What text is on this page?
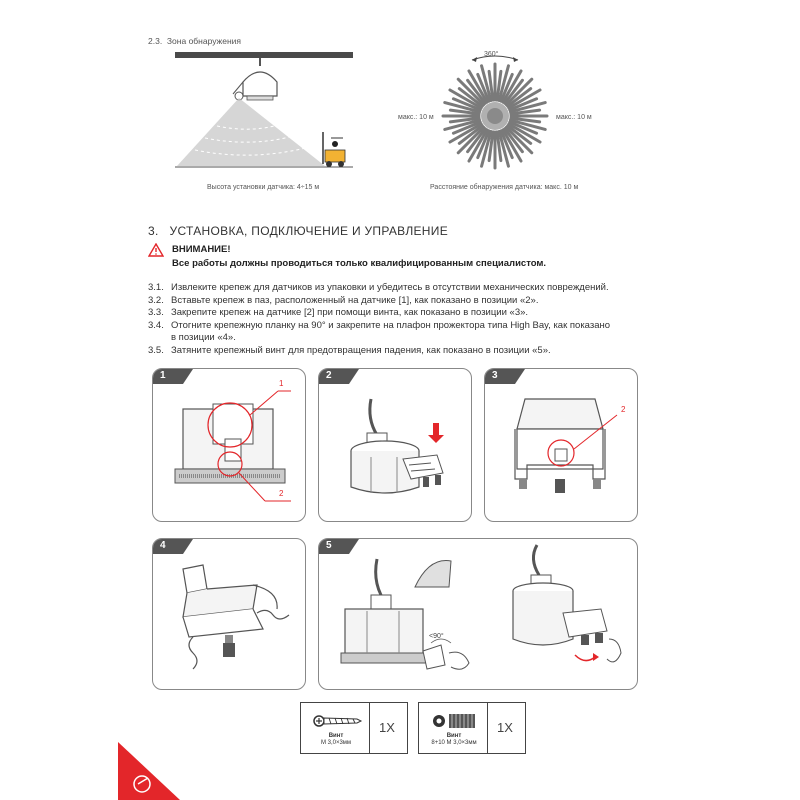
2.3. Зона обнаружения
Высота установки датчика: 4÷15 м
360°
макс.: 10 м	макс.: 10 м
Расстояние обнаружения датчика: макс. 10 м
3. УСТАНОВКА, ПОДКЛЮЧЕНИЕ И УПРАВЛЕНИЕ
ВНИМАНИЕ!
Все работы должны проводиться только квалифицированным специалистом.
3.1. Извлеките крепеж для датчиков из упаковки и убедитесь в отсутствии механических повреждений.
3.2. Вставьте крепеж в паз, расположенный на датчике [1], как показано в позиции «2».
3.3. Закрепите крепеж на датчике [2] при помощи винта, как показано в позиции «3».
3.4. Отогните крепежную планку на 90° и закрепите на плафон прожектора типа High Bay, как показано
в позиции «4».
3.5. Затяните крепежный винт для предотвращения падения, как показано в позиции «5».
1
1
2
2	3
2
4	5
<90°
Винт
М 3,0×3мм
1X
Винт
8+10 М 3,0×3мм
1X
